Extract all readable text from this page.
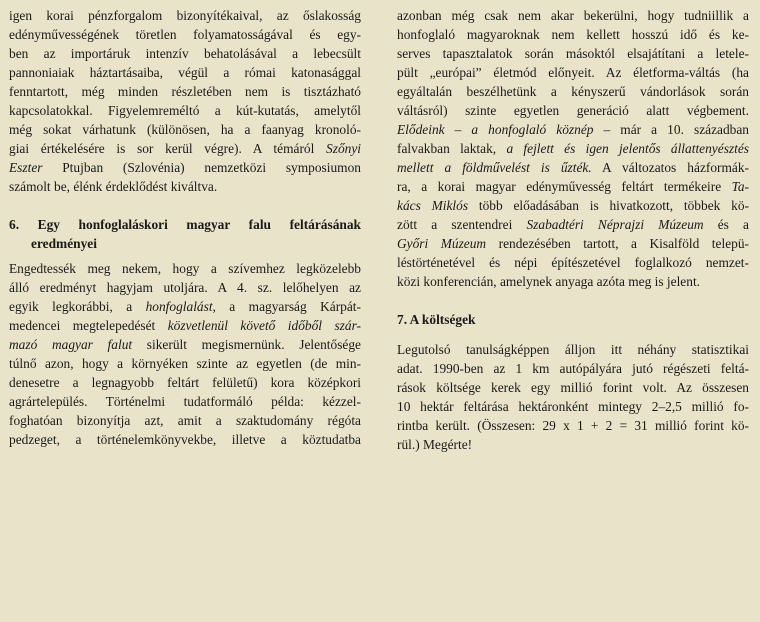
igen korai pénzforgalom bizonyítékaival, az őslakosság
edényművességének töretlen folyamatosságával és egy-
ben az importáruk intenzív behatolásával a lebecsült
pannoniaiak háztartásaiba, végül a római katonasággal
fenntartott, még minden részletében nem is tisztázható
kapcsolatokkal. Figyelemreméltó a kút-kutatás, amelytől
még sokat várhatunk (különösen, ha a faanyag kronoló-
giai értékelésére is sor kerül végre). A témáról Szőnyi
Eszter Ptujban (Szlovénia) nemzetközi symposiumon
számolt be, élénk érdeklődést kiváltva.
6. Egy honfoglaláskori magyar falu feltárásának
eredményei
Engedtessék meg nekem, hogy a szívemhez legközelebb
álló eredményt hagyjam utoljára. A 4. sz. lelőhelyen az
egyik legkorábbi, a honfoglalást, a magyarság Kárpát-
medencei megtelepedését közvetlenül követő időből szár-
mazó magyar falut sikerült megismernünk. Jelentősége
túlnő azon, hogy a környéken szinte az egyetlen (de min-
denesetre a legnagyobb feltárt felületű) kora középkori
agrártelepülés. Történelmi tudatformáló példa: kézzel-
foghatóan bizonyítja azt, amit a szaktudomány régóta
pedzeget, a történelemkönyvekbe, illetve a köztudatba
azonban még csak nem akar bekerülni, hogy tudniillik a
honfoglaló magyaroknak nem kellett hosszú idő és ke-
serves tapasztalatok során másoktól elsajátítani a letele-
pült „európai” életmód előnyeit. Az életforma-váltás (ha
egyáltalán beszélhetünk a kényszerű vándorlások során
váltásról) szinte egyetlen generáció alatt végbement.
Elődeink – a honfoglaló köznép – már a 10. században
falvakban laktak, a fejlett és igen jelentős állattenyésztés
mellett a földművelést is űzték. A változatos házformák-
ra, a korai magyar edényművesség feltárt termékeire Ta-
kács Miklós több előadásában is hivatkozott, többek kö-
zött a szentendrei Szabadtéri Néprajzi Múzeum és a
Győri Múzeum rendezésében tartott, a Kisalföld telepü-
léstörténetével és népi építészetével foglalkozó nemzet-
közi konferencián, amelynek anyaga azóta meg is jelent.
7. A költségek
Legutolsó tanulságképpen álljon itt néhány statisztikai
adat. 1990-ben az 1 km autópályára jutó régészeti feltá-
rások költsége kerek egy millió forint volt. Az összesen
10 hektár feltárása hektáronként mintegy 2–2,5 millió fo-
rintba került. (Összesen: 29 x 1 + 2 = 31 millió forint kö-
rül.) Megérte!
